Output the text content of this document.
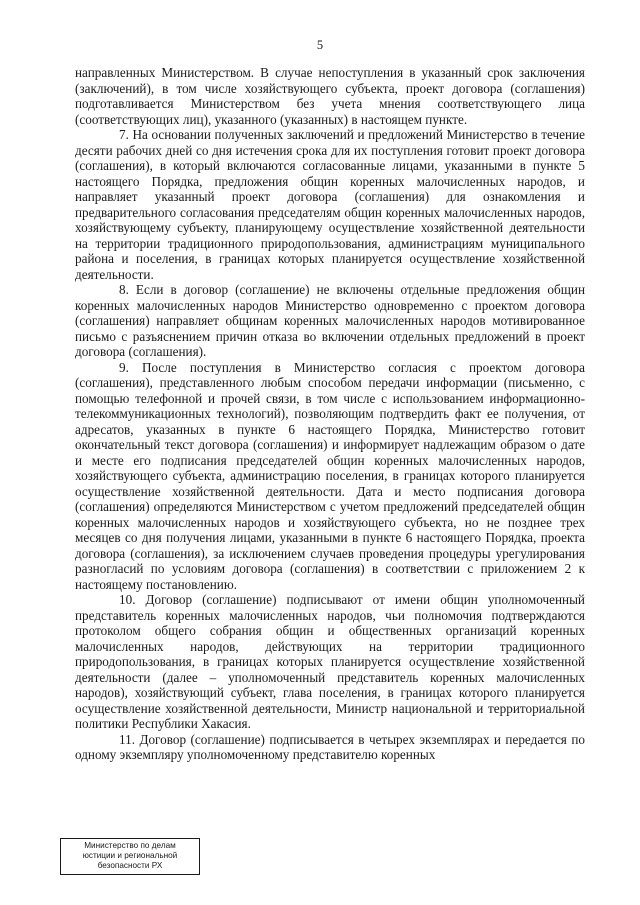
5

направленных Министерством. В случае непоступления в указанный срок заключения (заключений), в том числе хозяйствующего субъекта, проект договора (соглашения) подготавливается Министерством без учета мнения соответствующего лица (соответствующих лиц), указанного (указанных) в настоящем пункте.

7. На основании полученных заключений и предложений Министерство в течение десяти рабочих дней со дня истечения срока для их поступления готовит проект договора (соглашения), в который включаются согласованные лицами, указанными в пункте 5 настоящего Порядка, предложения общин коренных малочисленных народов, и направляет указанный проект договора (соглашения) для ознакомления и предварительного согласования председателям общин коренных малочисленных народов, хозяйствующему субъекту, планирующему осуществление хозяйственной деятельности на территории традиционного природопользования, администрациям муниципального района и поселения, в границах которых планируется осуществление хозяйственной деятельности.

8. Если в договор (соглашение) не включены отдельные предложения общин коренных малочисленных народов Министерство одновременно с проектом договора (соглашения) направляет общинам коренных малочисленных народов мотивированное письмо с разъяснением причин отказа во включении отдельных предложений в проект договора (соглашения).

9. После поступления в Министерство согласия с проектом договора (соглашения), представленного любым способом передачи информации (письменно, с помощью телефонной и прочей связи, в том числе с использованием информационно-телекоммуникационных технологий), позволяющим подтвердить факт ее получения, от адресатов, указанных в пункте 6 настоящего Порядка, Министерство готовит окончательный текст договора (соглашения) и информирует надлежащим образом о дате и месте его подписания председателей общин коренных малочисленных народов, хозяйствующего субъекта, администрацию поселения, в границах которого планируется осуществление хозяйственной деятельности. Дата и место подписания договора (соглашения) определяются Министерством с учетом предложений председателей общин коренных малочисленных народов и хозяйствующего субъекта, но не позднее трех месяцев со дня получения лицами, указанными в пункте 6 настоящего Порядка, проекта договора (соглашения), за исключением случаев проведения процедуры урегулирования разногласий по условиям договора (соглашения) в соответствии с приложением 2 к настоящему постановлению.

10. Договор (соглашение) подписывают от имени общин уполномоченный представитель коренных малочисленных народов, чьи полномочия подтверждаются протоколом общего собрания общин и общественных организаций коренных малочисленных народов, действующих на территории традиционного природопользования, в границах которых планируется осуществление хозяйственной деятельности (далее – уполномоченный представитель коренных малочисленных народов), хозяйствующий субъект, глава поселения, в границах которого планируется осуществление хозяйственной деятельности, Министр национальной и территориальной политики Республики Хакасия.

11. Договор (соглашение) подписывается в четырех экземплярах и передается по одному экземпляру уполномоченному представителю коренных

Министерство по делам
юстиции и региональной
безопасности РХ
